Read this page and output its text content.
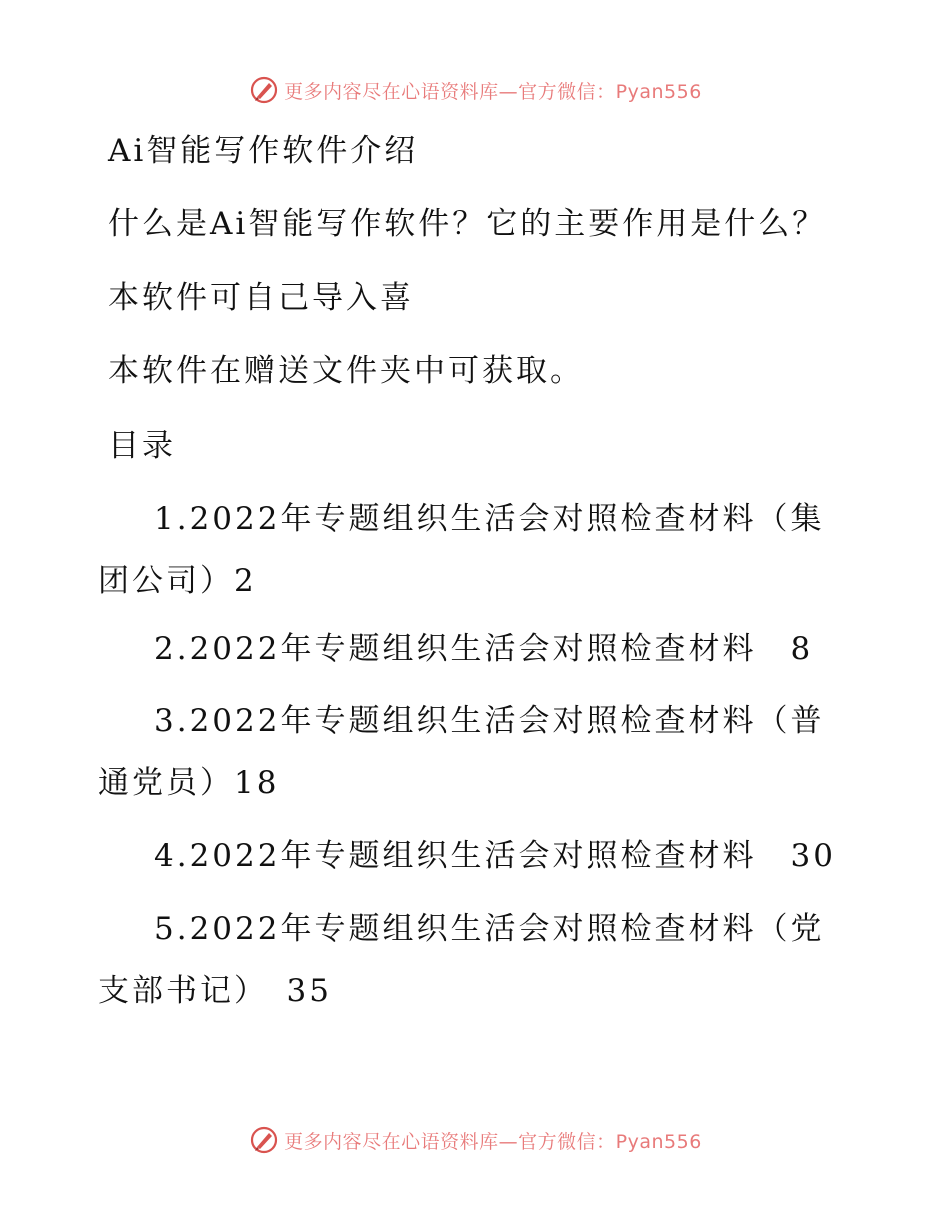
更多内容尽在心语资料库—官方微信：Pyan556
Ai智能写作软件介绍
什么是Ai智能写作软件？它的主要作用是什么？
本软件可自己导入喜
本软件在赠送文件夹中可获取。
目录
1.2022年专题组织生活会对照检查材料（集团公司）2
2.2022年专题组织生活会对照检查材料　8
3.2022年专题组织生活会对照检查材料（普通党员）18
4.2022年专题组织生活会对照检查材料　30
5.2022年专题组织生活会对照检查材料（党支部书记）　35
更多内容尽在心语资料库—官方微信：Pyan556
